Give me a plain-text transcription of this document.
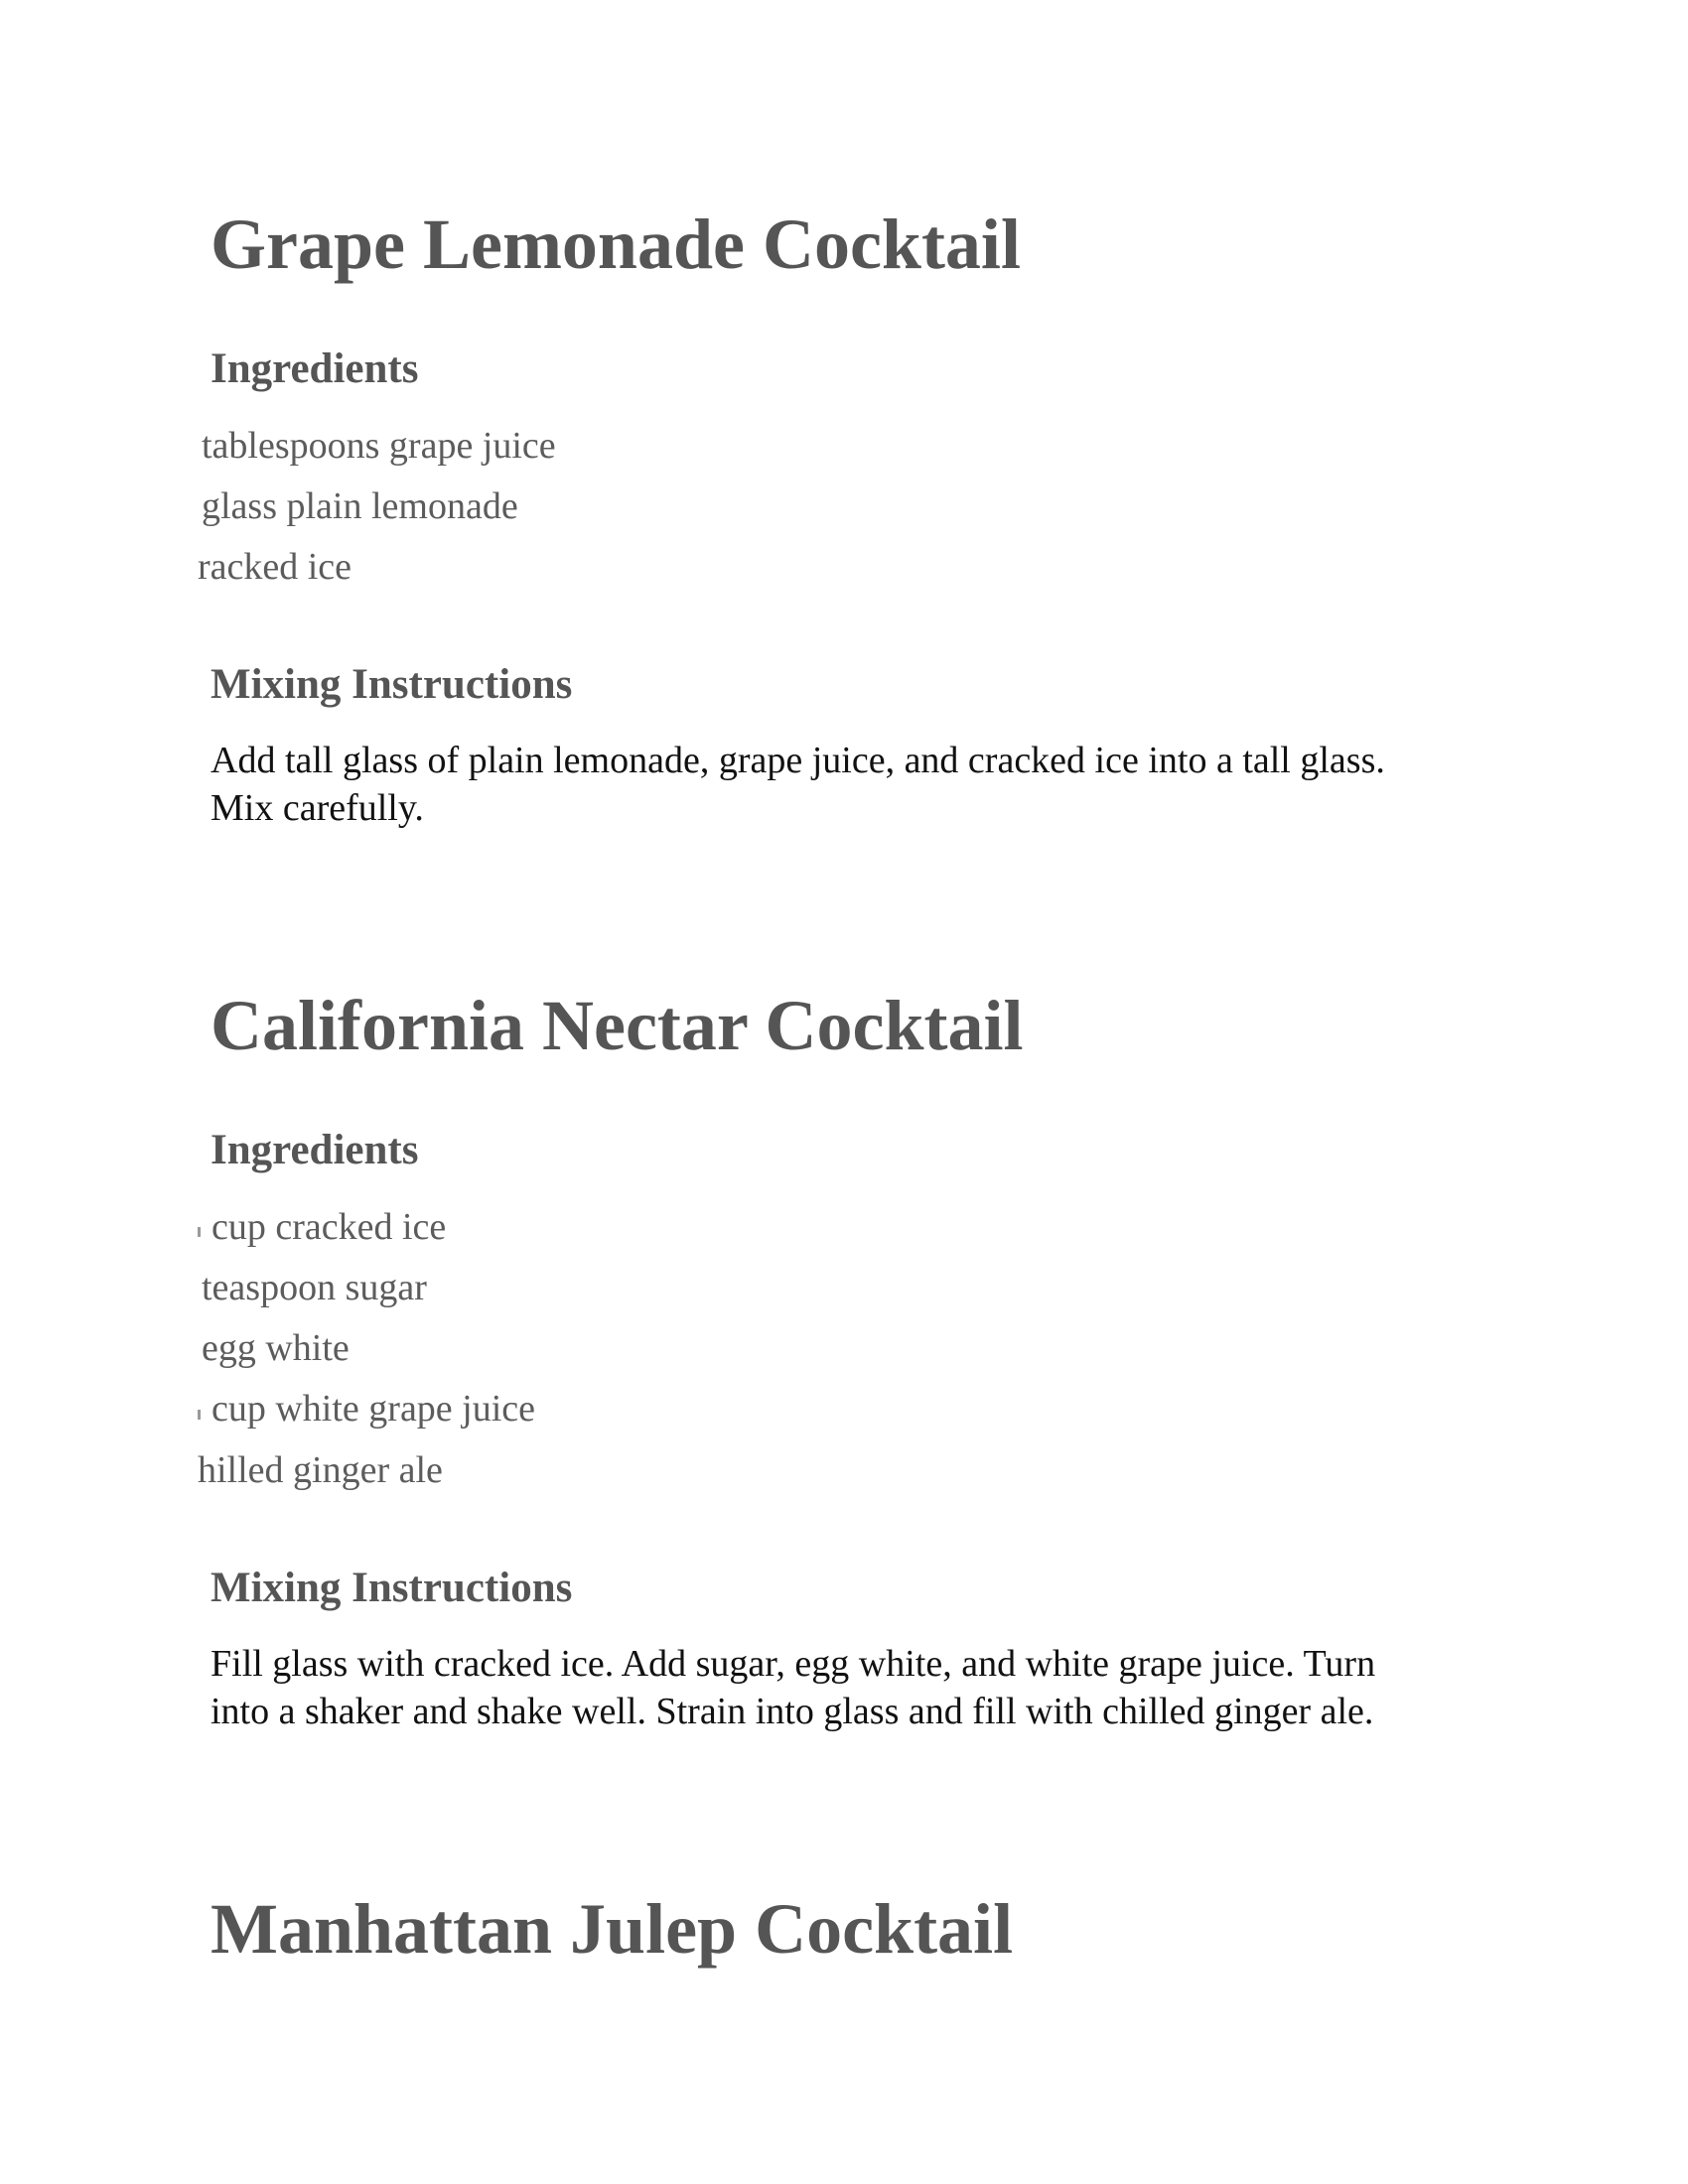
Grape Lemonade Cocktail
Ingredients

tablespoons grape juice

glass plain lemonade

racked ice

Mixing Instructions
Add tall glass of plain lemonade, grape juice, and cracked ice into a tall glass.
Mix carefully.
California Nectar Cocktail
Ingredients

cup cracked ice

teaspoon sugar

egg white

cup white grape juice

hilled ginger ale

Mixing Instructions
Fill glass with cracked ice. Add sugar, egg white, and white grape juice. Turn
into a shaker and shake well. Strain into glass and fill with chilled ginger ale.
Manhattan Julep Cocktail
